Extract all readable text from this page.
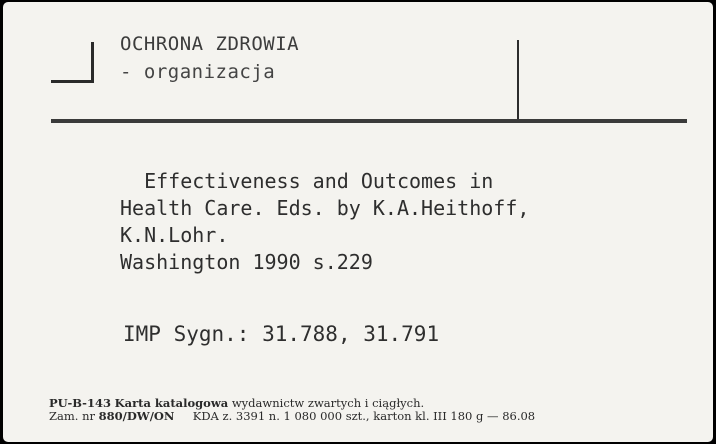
OCHRONA ZDROWIA
- organizacja
Effectiveness and Outcomes in
Health Care. Eds. by K.A.Heithoff,
K.N.Lohr.
Washington 1990 s.229
IMP Sygn.: 31.788, 31.791
PU-B-143 Karta katalogowa wydawnictw zwartych i ciągłych.
Zam. nr 880/DW/ON KDA z. 3391 n. 1 080 000 szt., karton kl. III 180 g — 86.08
